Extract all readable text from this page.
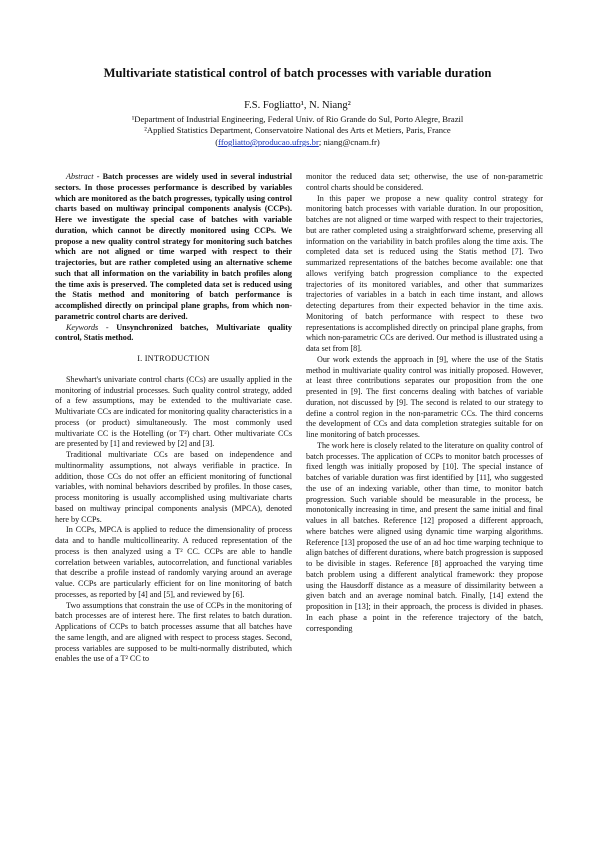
Multivariate statistical control of batch processes with variable duration
F.S. Fogliatto¹, N. Niang²
¹Department of Industrial Engineering, Federal Univ. of Rio Grande do Sul, Porto Alegre, Brazil
²Applied Statistics Department, Conservatoire National des Arts et Metiers, Paris, France
(ffogliatto@producao.ufrgs.br; niang@cnam.fr)

Abstract - Batch processes are widely used in several industrial sectors. In those processes performance is described by variables which are monitored as the batch progresses, typically using control charts based on multiway principal components analysis (CCPs). Here we investigate the special case of batches with variable duration, which cannot be directly monitored using CCPs. We propose a new quality control strategy for monitoring such batches which are not aligned or time warped with respect to their trajectories, but are rather completed using an alternative scheme such that all information on the variability in batch profiles along the time axis is preserved. The completed data set is reduced using the Statis method and monitoring of batch performance is accomplished directly on principal plane graphs, from which non-parametric control charts are derived.

Keywords - Unsynchronized batches, Multivariate quality control, Statis method.

I. INTRODUCTION

Shewhart's univariate control charts (CCs) are usually applied in the monitoring of industrial processes. Such quality control strategy, added of a few assumptions, may be extended to the multivariate case. Multivariate CCs are indicated for monitoring quality characteristics in a process (or product) simultaneously. The most commonly used multivariate CC is the Hotelling (or T²) chart. Other multivariate CCs are presented by [1] and reviewed by [2] and [3].

Traditional multivariate CCs are based on independence and multinormality assumptions, not always verifiable in practice. In addition, those CCs do not offer an efficient monitoring of functional variables, with nominal behaviors described by profiles. In those cases, process monitoring is usually accomplished using multivariate charts based on multiway principal components analysis (MPCA), denoted here by CCPs.

In CCPs, MPCA is applied to reduce the dimensionality of process data and to handle multicollinearity. A reduced representation of the process is then analyzed using a T² CC. CCPs are able to handle correlation between variables, autocorrelation, and functional variables that describe a profile instead of randomly varying around an average value. CCPs are particularly efficient for on line monitoring of batch processes, as reported by [4] and [5], and reviewed by [6].

Two assumptions that constrain the use of CCPs in the monitoring of batch processes are of interest here. The first relates to batch duration. Applications of CCPs to batch processes assume that all batches have the same length, and are aligned with respect to process stages. Second, process variables are supposed to be multi-normally distributed, which enables the use of a T² CC to

monitor the reduced data set; otherwise, the use of non-parametric control charts should be considered.

In this paper we propose a new quality control strategy for monitoring batch processes with variable duration. In our proposition, batches are not aligned or time warped with respect to their trajectories, but are rather completed using a straightforward scheme, preserving all information on the variability in batch profiles along the time axis. The completed data set is reduced using the Statis method [7]. Two summarized representations of the batches become available: one that allows verifying batch progression compliance to the expected trajectories of its monitored variables, and other that summarizes trajectories of variables in a batch in each time instant, and allows detecting departures from their expected behavior in the time axis. Monitoring of batch performance with respect to these two representations is accomplished directly on principal plane graphs, from which non-parametric CCs are derived. Our method is illustrated using a data set from [8].

Our work extends the approach in [9], where the use of the Statis method in multivariate quality control was initially proposed. However, at least three contributions separates our proposition from the one presented in [9]. The first concerns dealing with batches of variable duration, not discussed by [9]. The second is related to our strategy to define a control region in the non-parametric CCs. The third concerns the development of CCs and data completion strategies suitable for on line monitoring of batch processes.

The work here is closely related to the literature on quality control of batch processes. The application of CCPs to monitor batch processes of fixed length was initially proposed by [10]. The special instance of batches of variable duration was first identified by [11], who suggested the use of an indexing variable, other than time, to monitor batch progression. Such variable should be measurable in the process, be monotonically increasing in time, and present the same initial and final values in all batches. Reference [12] proposed a different approach, where batches were aligned using dynamic time warping algorithms. Reference [13] proposed the use of an ad hoc time warping technique to align batches of different durations, where batch progression is supposed to be divisible in stages. Reference [8] approached the varying time batch problem using a different analytical framework: they propose using the Hausdorff distance as a measure of dissimilarity between a given batch and an average nominal batch. Finally, [14] extend the proposition in [13]; in their approach, the process is divided in phases. In each phase a point in the reference trajectory of the batch, corresponding
